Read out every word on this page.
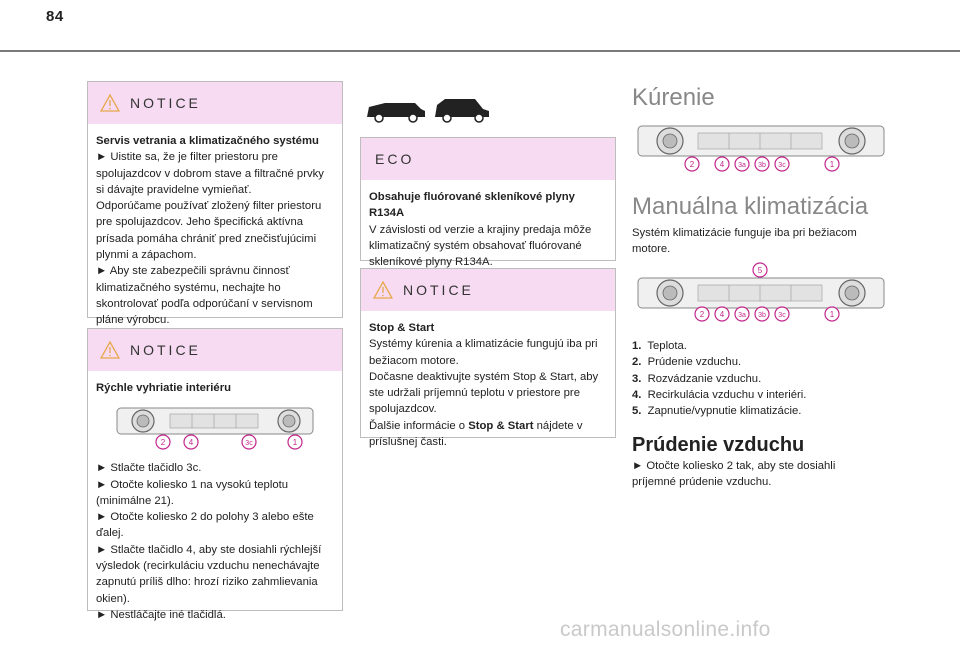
84
NOTICE

Servis vetrania a klimatizačného systému

► Uistite sa, že je filter priestoru pre spolujazdcov v dobrom stave a filtračné prvky si dávajte pravidelne vymieňať.

Odporúčame používať zložený filter priestoru pre spolujazdcov. Jeho špecifická aktívna prísada pomáha chrániť pred znečisťujúcimi plynmi a zápachom.

► Aby ste zabezpečili správnu činnosť klimatizačného systému, nechajte ho skontrolovať podľa odporúčaní v servisnom pláne výrobcu.

NOTICE

Rýchle vyhriatie interiéru

2	4	3c	1

► Stlačte tlačidlo 3c.

► Otočte koliesko 1 na vysokú teplotu (minimálne 21).

► Otočte koliesko 2 do polohy 3 alebo ešte ďalej.

► Stlačte tlačidlo 4, aby ste dosiahli rýchlejší výsledok (recirkuláciu vzduchu nenechávajte zapnutú príliš dlho: hrozí riziko zahmlievania okien).

► Nestláčajte iné tlačidlá.

ECO

Obsahuje fluórované skleníkové plyny R134A

V závislosti od verzie a krajiny predaja môže klimatizačný systém obsahovať fluórované skleníkové plyny R134A.

NOTICE

Stop & Start

Systémy kúrenia a klimatizácie fungujú iba pri bežiacom motore.

Dočasne deaktivujte systém Stop & Start, aby ste udržali príjemnú teplotu v priestore pre spolujazdcov.

Ďalšie informácie o Stop & Start nájdete v príslušnej časti.

Kúrenie
2	4 3a 3b 3c	1
Manuálna klimatizácia
Systém klimatizácie funguje iba pri bežiacom motore.
5
2 4 3a 3b 3c	1
1. Teplota.
2. Prúdenie vzduchu.
3. Rozvádzanie vzduchu.
4. Recirkulácia vzduchu v interiéri.
5. Zapnutie/vypnutie klimatizácie.
Prúdenie vzduchu
► Otočte koliesko 2 tak, aby ste dosiahli príjemné prúdenie vzduchu.
carmanualsonline.info
